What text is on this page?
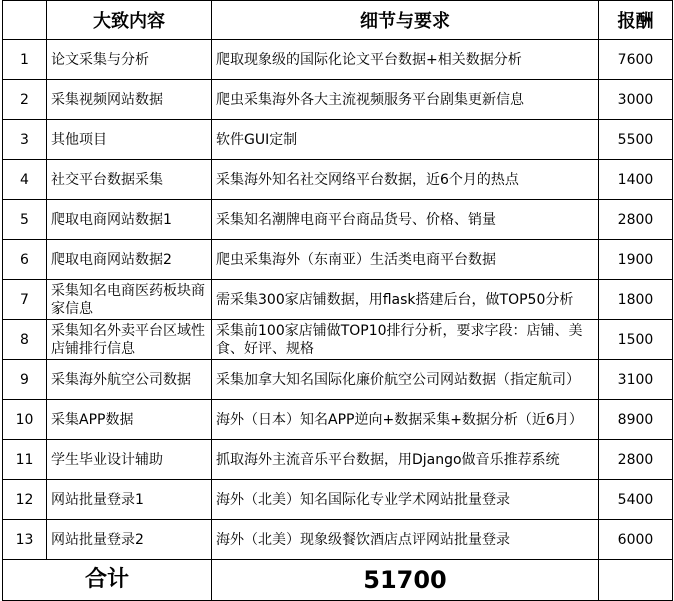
	大致内容	细节与要求	报酬
1	论文采集与分析	爬取现象级的国际化论文平台数据+相关数据分析	7600
2	采集视频网站数据	爬虫采集海外各大主流视频服务平台剧集更新信息	3000
3	其他项目	软件GUI定制	5500
4	社交平台数据采集	采集海外知名社交网络平台数据，近6个月的热点	1400
5	爬取电商网站数据1	采集知名潮牌电商平台商品货号、价格、销量	2800
6	爬取电商网站数据2	爬虫采集海外（东南亚）生活类电商平台数据	1900
7	采集知名电商医药板块商家信息	需采集300家店铺数据，用flask搭建后台，做TOP50分析	1800
8	采集知名外卖平台区域性店铺排行信息	采集前100家店铺做TOP10排行分析，要求字段：店铺、美食、好评、规格	1500
9	采集海外航空公司数据	采集加拿大知名国际化廉价航空公司网站数据（指定航司）	3100
10	采集APP数据	海外（日本）知名APP逆向+数据采集+数据分析（近6月）	8900
11	学生毕业设计辅助	抓取海外主流音乐平台数据，用Django做音乐推荐系统	2800
12	网站批量登录1	海外（北美）知名国际化专业学术网站批量登录	5400
13	网站批量登录2	海外（北美）现象级餐饮酒店点评网站批量登录	6000
合计		51700	
